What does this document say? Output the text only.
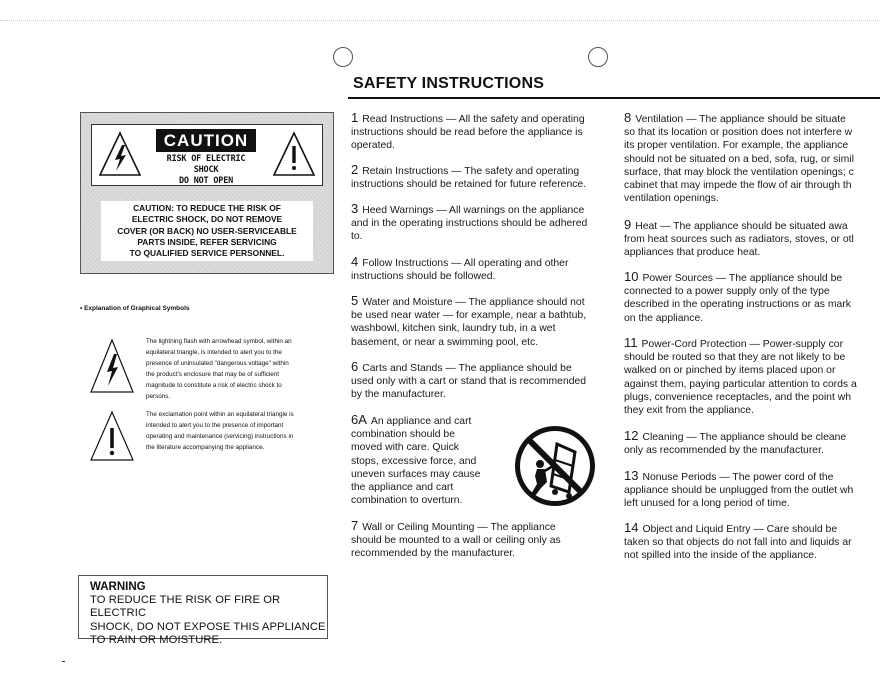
SAFETY INSTRUCTIONS
CAUTION
RISK OF ELECTRIC SHOCK
DO NOT OPEN
CAUTION: TO REDUCE THE RISK OF
ELECTRIC SHOCK, DO NOT REMOVE
COVER (OR BACK) NO USER-SERVICEABLE
PARTS INSIDE, REFER SERVICING
TO QUALIFIED SERVICE PERSONNEL.
• Explanation of Graphical Symbols
The lightning flash with arrowhead symbol, within an
equilateral triangle, is intended to alert you to the
presence of uninsulated "dangerous voltage" within
the product's enclosure that may be of sufficient
magnitude to constitute a risk of electric shock to
persons.
The exclamation point within an equilateral triangle is
intended to alert you to the presence of important
operating and maintenance (servicing) instructions in
the literature accompanying the appliance.
WARNING
TO REDUCE THE RISK OF FIRE OR ELECTRIC
SHOCK, DO NOT EXPOSE THIS APPLIANCE
TO RAIN OR MOISTURE.
1 Read Instructions — All the safety and operating
instructions should be read before the appliance is
operated.
2 Retain Instructions — The safety and operating
instructions should be retained for future reference.
3 Heed Warnings — All warnings on the appliance
and in the operating instructions should be adhered
to.
4 Follow Instructions — All operating and other
instructions should be followed.
5 Water and Moisture — The appliance should not
be used near water — for example, near a bathtub,
washbowl, kitchen sink, laundry tub, in a wet
basement, or near a swimming pool, etc.
6 Carts and Stands — The appliance should be
used only with a cart or stand that is recommended
by the manufacturer.
6A An appliance and cart
combination should be
moved with care. Quick
stops, excessive force, and
uneven surfaces may cause
the appliance and cart
combination to overturn.
7 Wall or Ceiling Mounting — The appliance
should be mounted to a wall or ceiling only as
recommended by the manufacturer.
8 Ventilation — The appliance should be situate
so that its location or position does not interfere w
its proper ventilation. For example, the appliance
should not be situated on a bed, sofa, rug, or simil
surface, that may block the ventilation openings; c
cabinet that may impede the flow of air through th
ventilation openings.
9 Heat — The appliance should be situated awa
from heat sources such as radiators, stoves, or otl
appliances that produce heat.
10 Power Sources — The appliance should be
connected to a power supply only of the type
described in the operating instructions or as mark
on the appliance.
11 Power-Cord Protection — Power-supply cor
should be routed so that they are not likely to be
walked on or pinched by items placed upon or
against them, paying particular attention to cords a
plugs, convenience receptacles, and the point wh
they exit from the appliance.
12 Cleaning — The appliance should be cleane
only as recommended by the manufacturer.
13 Nonuse Periods — The power cord of the
appliance should be unplugged from the outlet wh
left unused for a long period of time.
14 Object and Liquid Entry — Care should be
taken so that objects do not fall into and liquids ar
not spilled into the inside of the appliance.
